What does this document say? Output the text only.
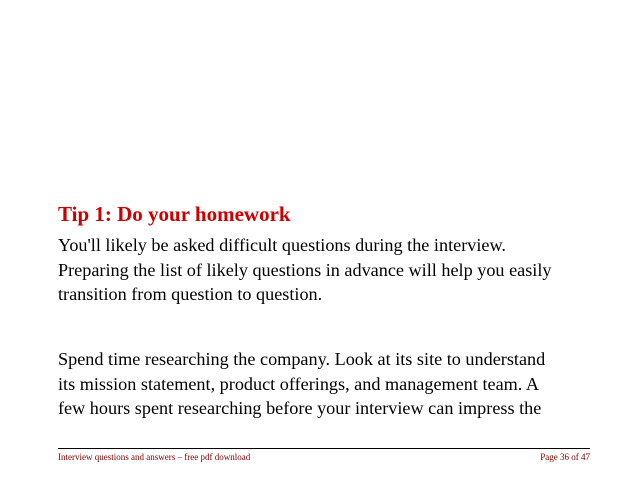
Tip 1: Do your homework

You'll likely be asked difficult questions during the interview.
Preparing the list of likely questions in advance will help you easily
transition from question to question.

Spend time researching the company. Look at its site to understand
its mission statement, product offerings, and management team. A
few hours spent researching before your interview can impress the

Interview questions and answers – free pdf download	Page 36 of 47
